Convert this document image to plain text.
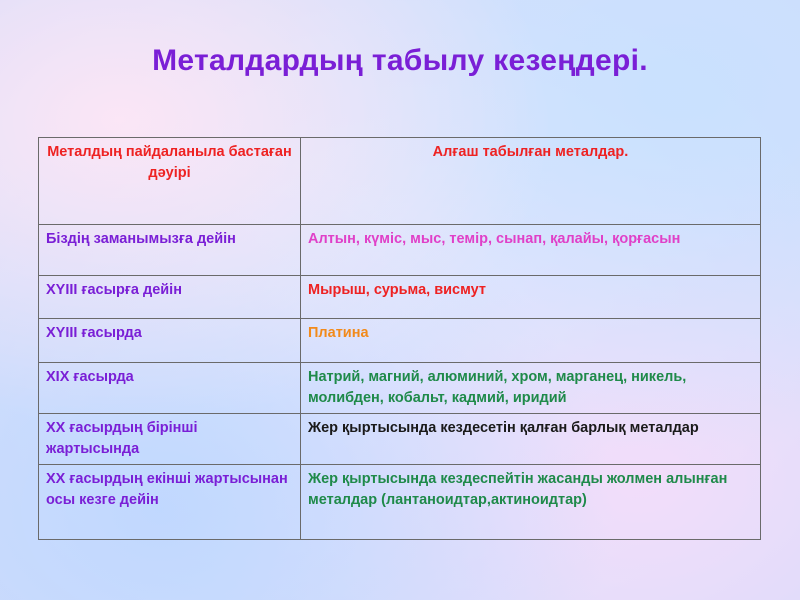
Металдардың табылу кезеңдері.
Металдың пайдаланыла бастаған дәуірі	Алғаш табылған металдар.
Біздің заманымызға дейін	Алтын, күміс, мыс, темір, сынап, қалайы, қорғасын
XYIII ғасырға дейін	Мырыш, сурьма, висмут
XYIII ғасырда	Платина
XIX ғасырда	Натрий, магний, алюминий, хром, марганец, никель, молибден, кобальт, кадмий, иридий
XX ғасырдың бірінші жартысында	Жер қыртысында кездесетін қалған барлық металдар
XX ғасырдың екінші жартысынан осы кезге дейін	Жер қыртысында кездеспейтін жасанды жолмен алынған металдар (лантаноидтар,актиноидтар)
